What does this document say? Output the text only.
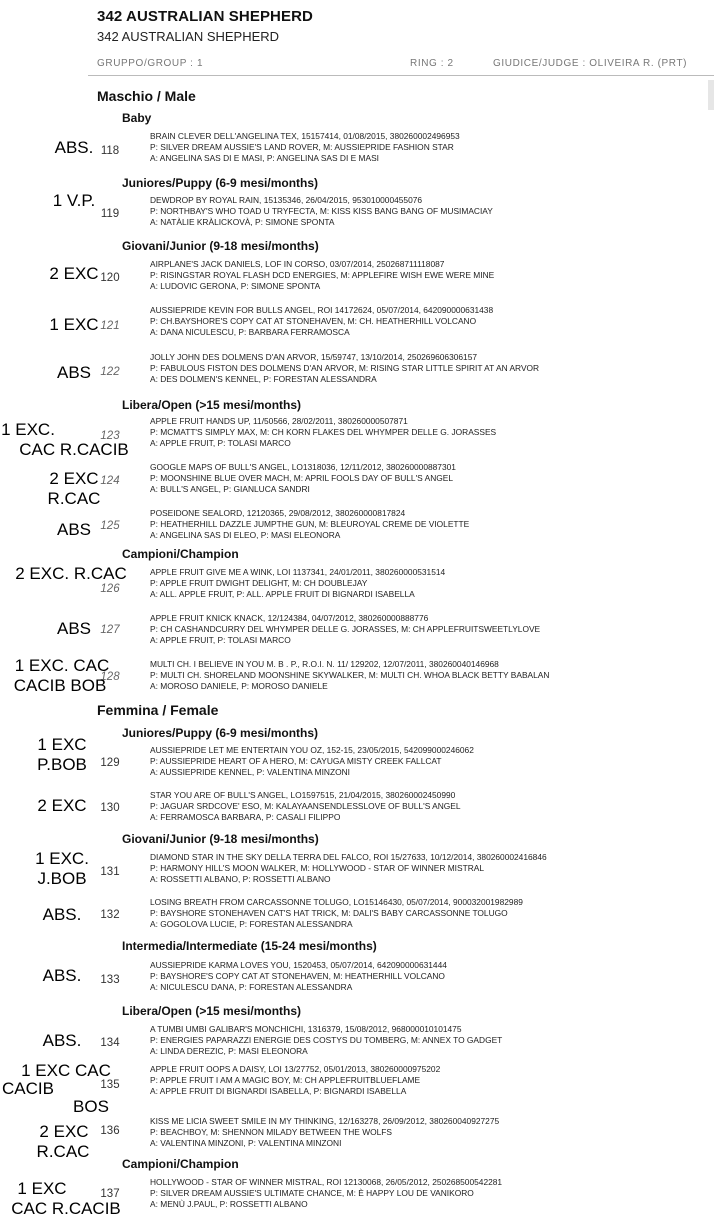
342 AUSTRALIAN SHEPHERD
342 AUSTRALIAN SHEPHERD
GRUPPO/GROUP : 1	RING : 2	GIUDICE/JUDGE : OLIVEIRA R. (PRT)
Maschio / Male
Femmina / Female
Baby
Juniores/Puppy (6-9 mesi/months)
Giovani/Junior (9-18 mesi/months)
Libera/Open (>15 mesi/months)
Campioni/Champion
Juniores/Puppy (6-9 mesi/months)
Giovani/Junior (9-18 mesi/months)
Intermedia/Intermediate (15-24 mesi/months)
Libera/Open (>15 mesi/months)
Campioni/Champion
BRAIN CLEVER DELL'ANGELINA TEX, 15157414, 01/08/2015, 380260002496953
P: SILVER DREAM AUSSIE'S LAND ROVER, M: AUSSIEPRIDE FASHION STAR
A: ANGELINA SAS DI E MASI, P: ANGELINA SAS DI E MASI
118
ABS.
DEWDROP BY ROYAL RAIN, 15135346, 26/04/2015, 953010000455076
P: NORTHBAY'S WHO TOAD U TRYFECTA, M: KISS KISS BANG BANG OF MUSIMACIAY
A: NATÀLIE KRÀLICKOVÀ, P: SIMONE SPONTA
119
1 V.P.
AIRPLANE'S JACK DANIELS, LOF IN CORSO, 03/07/2014, 250268711118087
P: RISINGSTAR ROYAL FLASH DCD ENERGIES, M: APPLEFIRE WISH EWE WERE MINE
A: LUDOVIC GERONA, P: SIMONE SPONTA
120
2 EXC
AUSSIEPRIDE KEVIN FOR BULLS ANGEL, ROI 14172624, 05/07/2014, 642090000631438
P: CH.BAYSHORE'S COPY CAT AT STONEHAVEN, M: CH. HEATHERHILL VOLCANO
A: DANA NICULESCU, P: BARBARA FERRAMOSCA
121
1 EXC
JOLLY JOHN DES DOLMENS D'AN ARVOR, 15/59747, 13/10/2014, 250269606306157
P: FABULOUS FISTON DES DOLMENS D'AN ARVOR, M: RISING STAR LITTLE SPIRIT AT AN ARVOR
A: DES DOLMEN'S KENNEL, P: FORESTAN ALESSANDRA
122
ABS
APPLE FRUIT HANDS UP, 11/50566, 28/02/2011, 380260000507871
P: MCMATT'S SIMPLY MAX, M: CH KORN FLAKES DEL WHYMPER DELLE G. JORASSES
A: APPLE FRUIT, P: TOLASI MARCO
123
1 EXC.
CAC R.CACIB
GOOGLE MAPS OF BULL'S ANGEL, LO1318036, 12/11/2012, 380260000887301
P: MOONSHINE BLUE OVER MACH, M: APRIL FOOLS DAY OF BULL'S ANGEL
A: BULL'S ANGEL, P: GIANLUCA SANDRI
124
2 EXC
R.CAC
POSEIDONE SEALORD, 12120365, 29/08/2012, 380260000817824
P: HEATHERHILL DAZZLE JUMPTHE GUN, M: BLEUROYAL CREME DE VIOLETTE
A: ANGELINA SAS DI ELEO, P: MASI ELEONORA
125
ABS
APPLE FRUIT GIVE ME A WINK, LOI 1137341, 24/01/2011, 380260000531514
P: APPLE FRUIT DWIGHT DELIGHT, M: CH DOUBLEJAY
A: ALL. APPLE FRUIT, P: ALL. APPLE FRUIT DI BIGNARDI ISABELLA
126
2 EXC. R.CAC
APPLE FRUIT KNICK KNACK, 12/124384, 04/07/2012, 380260000888776
P: CH CASHANDCURRY DEL WHYMPER DELLE G. JORASSES, M: CH APPLEFRUITSWEETLYLOVE
A: APPLE FRUIT, P: TOLASI MARCO
127
ABS
MULTI CH. I BELIEVE IN YOU M. B . P., R.O.I. N. 11/ 129202, 12/07/2011, 380260040146968
P: MULTI CH. SHORELAND MOONSHINE SKYWALKER, M: MULTI CH. WHOA BLACK BETTY BABALAN
A: MOROSO DANIELE, P: MOROSO DANIELE
128
1 EXC. CAC
CACIB BOB
AUSSIEPRIDE LET ME ENTERTAIN YOU OZ, 152-15, 23/05/2015, 542099000246062
P: AUSSIEPRIDE HEART OF A HERO, M: CAYUGA MISTY CREEK FALLCAT
A: AUSSIEPRIDE KENNEL, P: VALENTINA MINZONI
129
1 EXC
P.BOB
STAR YOU ARE OF BULL'S ANGEL, LO1597515, 21/04/2015, 380260002450990
P: JAGUAR SRDCOVE' ESO, M: KALAYAANSENDLESSLOVE OF BULL'S ANGEL
A: FERRAMOSCA BARBARA, P: CASALI FILIPPO
130
2 EXC
DIAMOND STAR IN THE SKY DELLA TERRA DEL FALCO, ROI 15/27633, 10/12/2014, 380260002416846
P: HARMONY HILL'S MOON WALKER, M: HOLLYWOOD - STAR OF WINNER MISTRAL
A: ROSSETTI ALBANO, P: ROSSETTI ALBANO
131
1 EXC.
J.BOB
LOSING BREATH FROM CARCASSONNE TOLUGO, LO15146430, 05/07/2014, 900032001982989
P: BAYSHORE STONEHAVEN CAT'S HAT TRICK, M: DALI'S BABY CARCASSONNE TOLUGO
A: GOGOLOVA LUCIE, P: FORESTAN ALESSANDRA
132
ABS.
AUSSIEPRIDE KARMA LOVES YOU, 1520453, 05/07/2014, 642090000631444
P: BAYSHORE'S COPY CAT AT STONEHAVEN, M: HEATHERHILL VOLCANO
A: NICULESCU DANA, P: FORESTAN ALESSANDRA
133
ABS.
A TUMBI UMBI GALIBAR'S MONCHICHI, 1316379, 15/08/2012, 968000010101475
P: ENERGIES PAPARAZZI ENERGIE DES COSTYS DU TOMBERG, M: ANNEX TO GADGET
A: LINDA DEREZIC, P: MASI ELEONORA
134
ABS.
APPLE FRUIT OOPS A DAISY, LOI 13/27752, 05/01/2013, 380260000975202
P: APPLE FRUIT I AM A MAGIC BOY, M: CH APPLEFRUITBLUEFLAME
A: APPLE FRUIT DI BIGNARDI ISABELLA, P: BIGNARDI ISABELLA
135
1 EXC CAC
CACIB
BOS
KISS ME LICIA SWEET SMILE IN MY THINKING, 12/163278, 26/09/2012, 380260040927275
P: BEACHBOY, M: SHENNON MILADY BETWEEN THE WOLFS
A: VALENTINA MINZONI, P: VALENTINA MINZONI
136
2 EXC
R.CAC
HOLLYWOOD - STAR OF WINNER MISTRAL, ROI 12130068, 26/05/2012, 250268500542281
P: SILVER DREAM AUSSIE'S ULTIMATE CHANCE, M: È HAPPY LOU DE VANIKORO
A: MENÙ J.PAUL, P: ROSSETTI ALBANO
137
1 EXC
CAC R.CACIB
